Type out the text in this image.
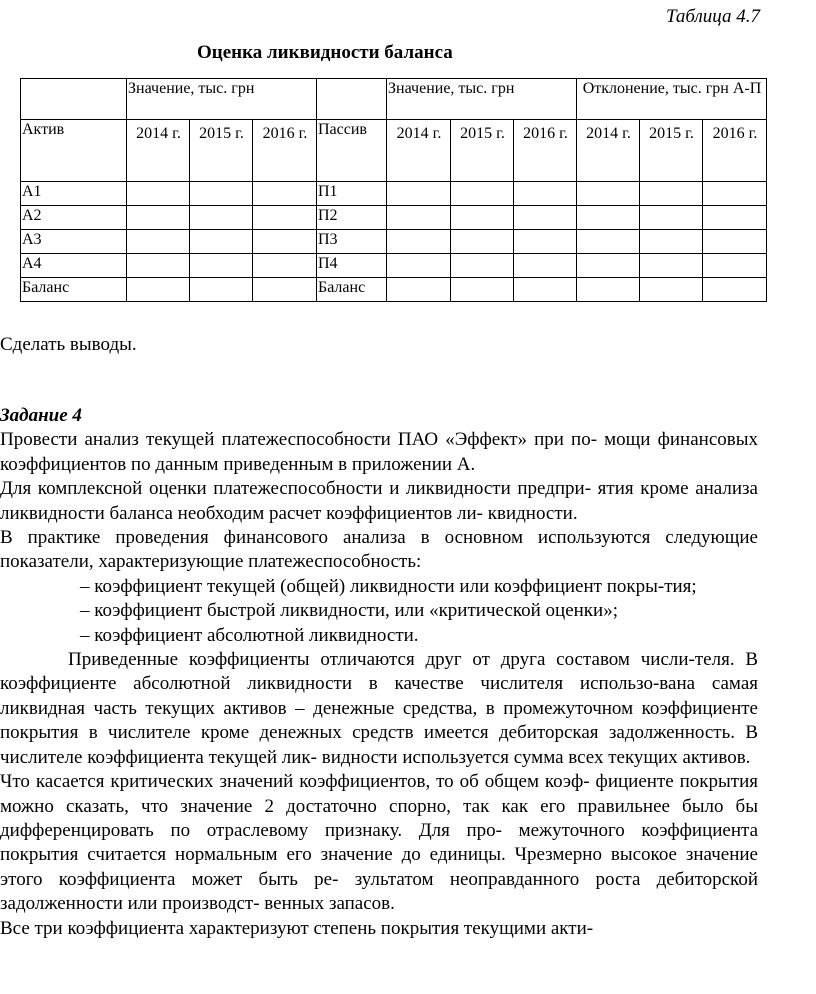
Таблица 4.7
Оценка ликвидности баланса
	Значение, тыс. грн				Значение, тыс. грн			Отклонение, тыс. грн А-П		
Актив	2014 г.	2015 г.	2016 г.	Пассив	2014 г.	2015 г.	2016 г.	2014 г.	2015 г.	2016 г.

А1				П1						
А2				П2						
А3				П3						
А4				П4						
Баланс				Баланс						
Сделать выводы.

Задание 4

Провести анализ текущей платежеспособности ПАО «Эффект» при по- мощи финансовых коэффициентов по данным приведенным в приложении А.

Для комплексной оценки платежеспособности и ликвидности предпри- ятия кроме анализа ликвидности баланса необходим расчет коэффициентов ли- квидности.

В практике проведения финансового анализа в основном используются следующие показатели, характеризующие платежеспособность:

– коэффициент текущей (общей) ликвидности или коэффициент покры-тия;

– коэффициент быстрой ликвидности, или «критической оценки»;

– коэффициент абсолютной ликвидности.

Приведенные коэффициенты отличаются друг от друга составом числи-теля. В коэффициенте абсолютной ликвидности в качестве числителя использо-вана самая ликвидная часть текущих активов – денежные средства, в промежуточном коэффициенте покрытия в числителе кроме денежных средств имеется дебиторская задолженность. В числителе коэффициента текущей лик- видности используется сумма всех текущих активов.

Что касается критических значений коэффициентов, то об общем коэф- фициенте покрытия можно сказать, что значение 2 достаточно спорно, так как его правильнее было бы дифференцировать по отраслевому признаку. Для про- межуточного коэффициента покрытия считается нормальным его значение до единицы. Чрезмерно высокое значение этого коэффициента может быть ре- зультатом неоправданного роста дебиторской задолженности или производст- венных запасов.

Все три коэффициента характеризуют степень покрытия текущими акти-
